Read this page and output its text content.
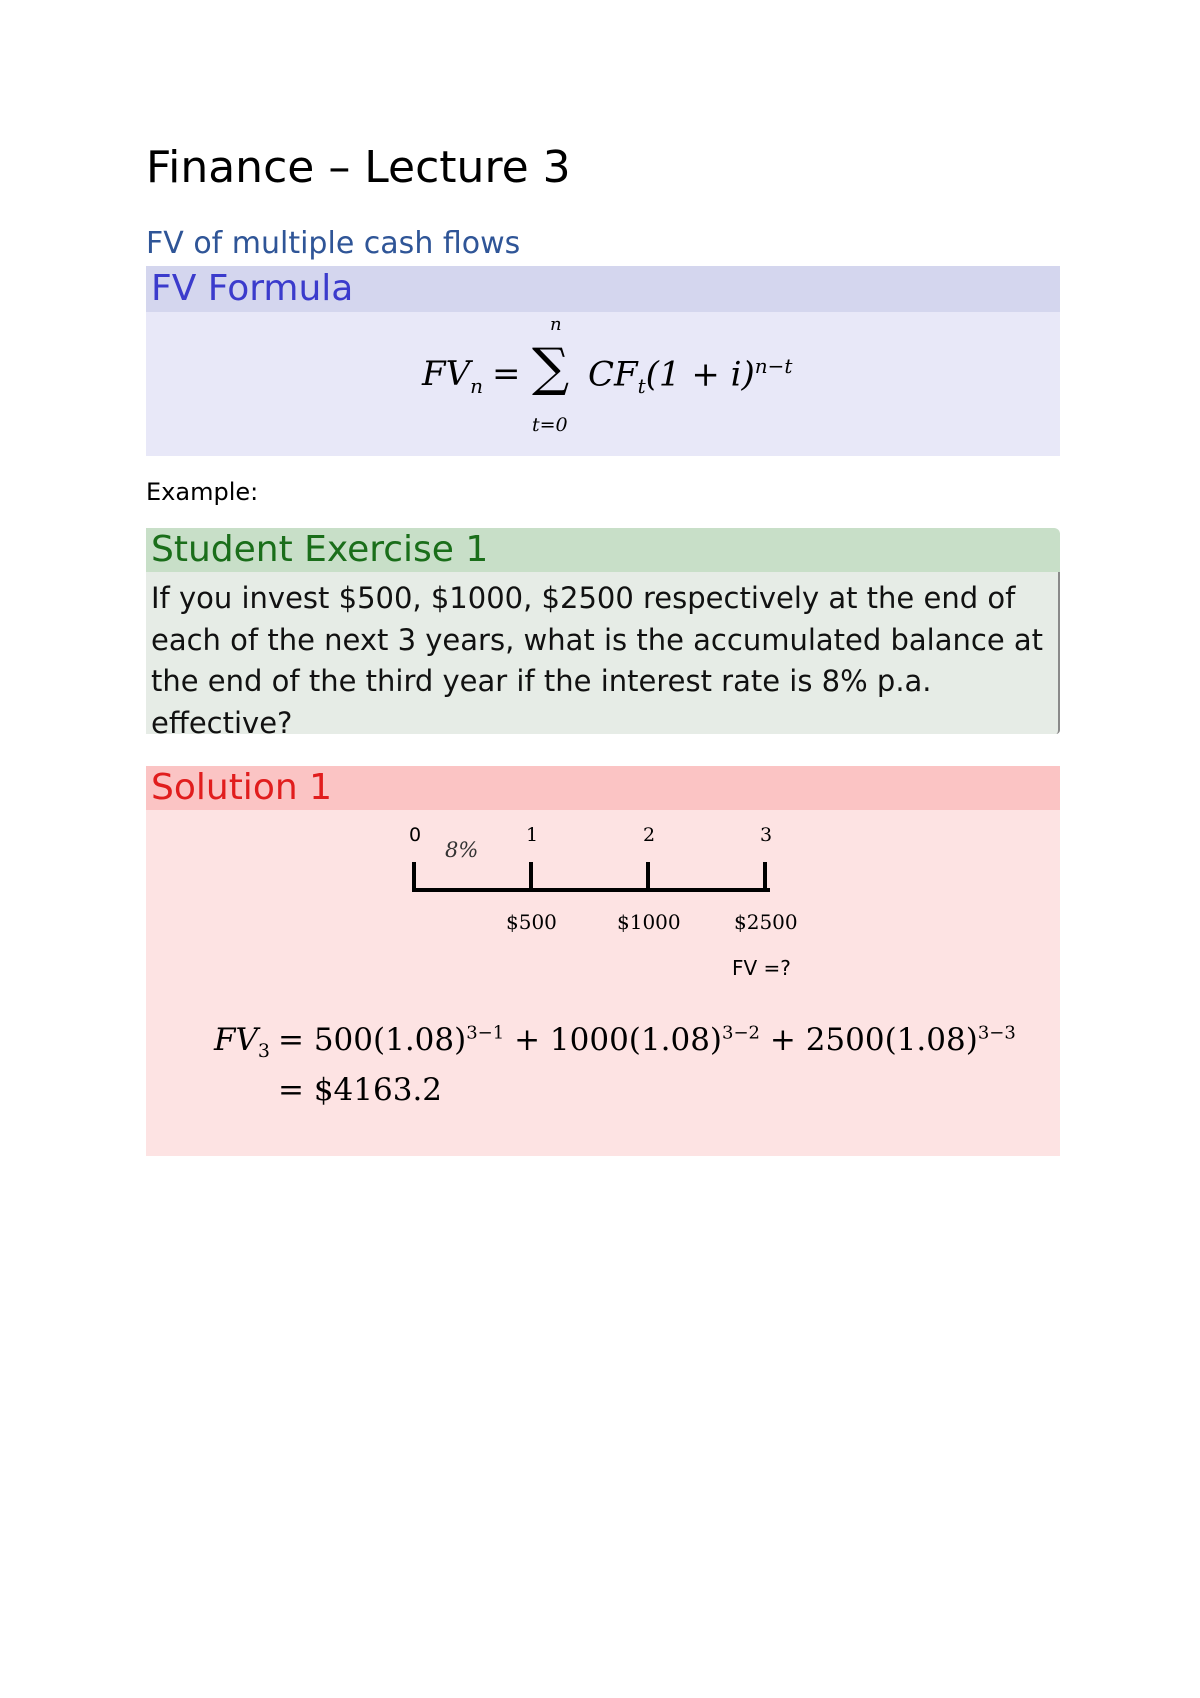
Finance – Lecture 3
FV of multiple cash flows
FV Formula
$FV_n$ =
n
∑
t=0
$CF_t(1 + i)^{n-t}$
Example:
Student Exercise 1
If you invest $500, $1000, $2500 respectively at the end of each of the next 3 years, what is the accumulated balance at the end of the third year if the interest rate is 8% p.a. effective?
Solution 1
0	1	2	3
8%
$500	$1000	$2500
FV =?
$FV_3 = 500(1.08)^{3-1} + 1000(1.08)^{3-2} + 2500(1.08)^{3-3}$
= $4163.2
